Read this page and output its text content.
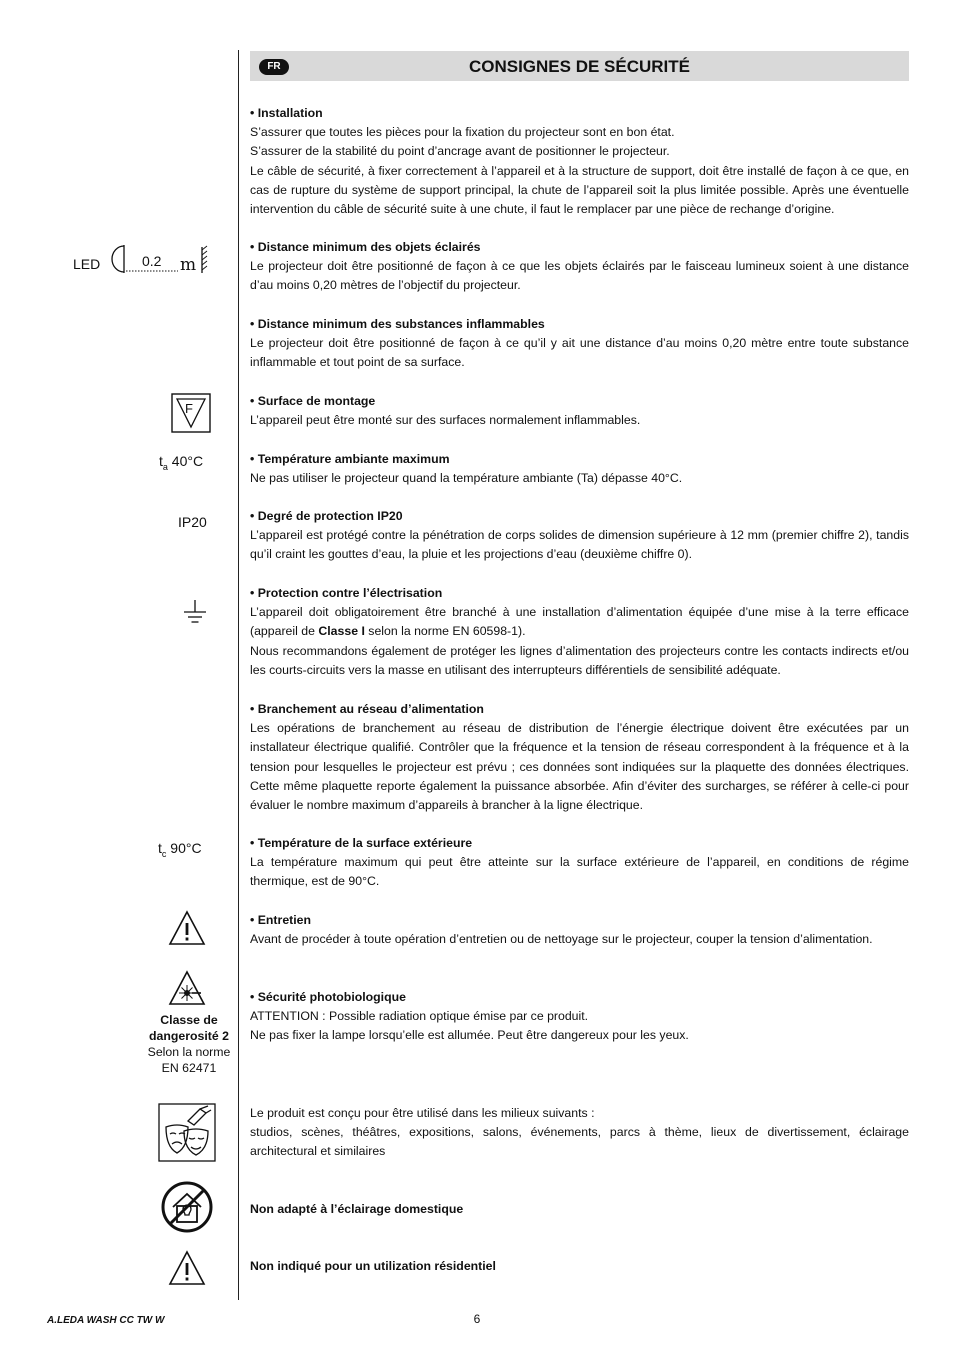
FR	CONSIGNES DE SÉCURITÉ

• Installation

S’assurer que toutes les pièces pour la fixation du projecteur sont en bon état.

S’assurer de la stabilité du point d’ancrage avant de positionner le projecteur.

Le câble de sécurité, à fixer correctement à l’appareil et à la structure de support, doit être installé de façon à ce que, en cas de rupture du système de support principal, la chute de l’appareil soit la plus limitée possible. Après une éventuelle intervention du câble de sécurité suite à une chute, il faut le remplacer par une pièce de rechange d’origine.

LED	0.2 m

• Distance minimum des objets éclairés

Le projecteur doit être positionné de façon à ce que les objets éclairés par le faisceau lumineux soient à une distance d’au moins 0,20 mètres de l’objectif du projecteur.

• Distance minimum des substances inflammables

Le projecteur doit être positionné de façon à ce qu’il y ait une distance d’au moins 0,20 mètre entre toute substance inflammable et tout point de sa surface.

F	• Surface de montage

L’appareil peut être monté sur des surfaces normalement inflammables.

$t_a$ 40°C	• Température ambiante maximum

Ne pas utiliser le projecteur quand la température ambiante (Ta) dépasse 40°C.

IP20	• Degré de protection IP20

L’appareil est protégé contre la pénétration de corps solides de dimension supérieure à 12 mm (premier chiffre 2), tandis qu’il craint les gouttes d’eau, la pluie et les projections d’eau (deuxième chiffre 0).

• Protection contre l’électrisation

L’appareil doit obligatoirement être branché à une installation d’alimentation équipée d’une mise à la terre efficace (appareil de Classe I selon la norme EN 60598-1).

Nous recommandons également de protéger les lignes d’alimentation des projecteurs contre les contacts indirects et/ou les courts-circuits vers la masse en utilisant des interrupteurs différentiels de sensibilité adéquate.

• Branchement au réseau d’alimentation

Les opérations de branchement au réseau de distribution de l’énergie électrique doivent être exécutées par un installateur électrique qualifié. Contrôler que la fréquence et la tension de réseau correspondent à la fréquence et à la tension pour lesquelles le projecteur est prévu ; ces données sont indiquées sur la plaquette des données électriques. Cette même plaquette reporte également la puissance absorbée. Afin d’éviter des surcharges, se référer à celle-ci pour évaluer le nombre maximum d’appareils à brancher à la ligne électrique.

$t_c$ 90°C	• Température de la surface extérieure

La température maximum qui peut être atteinte sur la surface extérieure de l’appareil, en conditions de régime thermique, est de 90°C.

• Entretien

Avant de procéder à toute opération d’entretien ou de nettoyage sur le projecteur, couper la tension d’alimentation.

Classe de
dangerosité 2
Selon la norme
EN 62471

• Sécurité photobiologique

ATTENTION : Possible radiation optique émise par ce produit.

Ne pas fixer la lampe lorsqu’elle est allumée. Peut être dangereux pour les yeux.

Le produit est conçu pour être utilisé dans les milieux suivants :

studios, scènes, théâtres, expositions, salons, événements, parcs à thème, lieux de divertissement, éclairage architectural et similaires

Non adapté à l’éclairage domestique

Non indiqué pour un utilization résidentiel

A.LEDA WASH CC TW W	6
